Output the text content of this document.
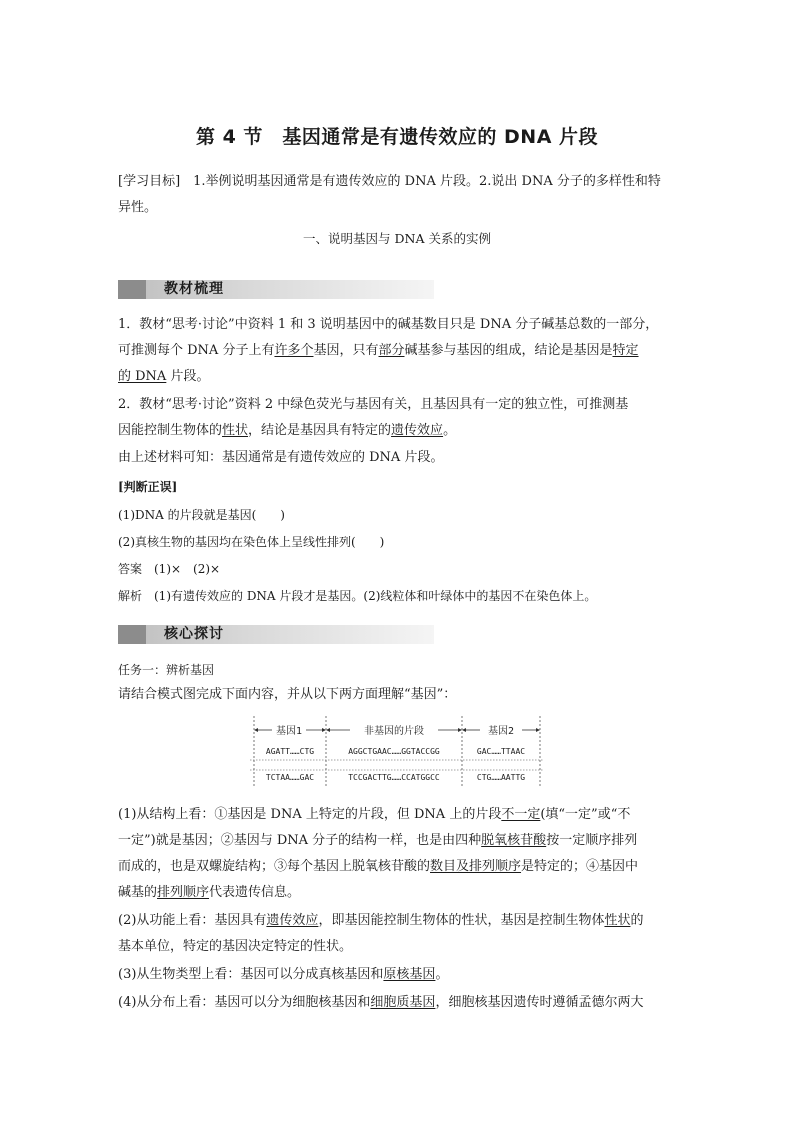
第 4 节　基因通常是有遗传效应的 DNA 片段
[学习目标]　1.举例说明基因通常是有遗传效应的 DNA 片段。2.说出 DNA 分子的多样性和特
异性。
一、说明基因与 DNA 关系的实例
教材梳理
1．教材“思考·讨论”中资料 1 和 3 说明基因中的碱基数目只是 DNA 分子碱基总数的一部分，
可推测每个 DNA 分子上有许多个基因，只有部分碱基参与基因的组成，结论是基因是特定
的 DNA 片段。
2．教材“思考·讨论”资料 2 中绿色荧光与基因有关，且基因具有一定的独立性，可推测基
因能控制生物体的性状，结论是基因具有特定的遗传效应。
由上述材料可知：基因通常是有遗传效应的 DNA 片段。
[判断正误]
(1)DNA 的片段就是基因(　　)
(2)真核生物的基因均在染色体上呈线性排列(　　)
答案　(1)×　(2)×
解析　(1)有遗传效应的 DNA 片段才是基因。(2)线粒体和叶绿体中的基因不在染色体上。
核心探讨
任务一：辨析基因
请结合模式图完成下面内容，并从以下两方面理解“基因”：
基因1	非基因的片段	基因2
AGATT……CTG	AGGCTGAAC……GGTACCGG	GAC……TTAAC
TCTAA……GAC	TCCGACTTG……CCATGGCC	CTG……AATTG
(1)从结构上看：①基因是 DNA 上特定的片段，但 DNA 上的片段不一定(填“一定”或“不
一定”)就是基因；②基因与 DNA 分子的结构一样，也是由四种脱氧核苷酸按一定顺序排列
而成的，也是双螺旋结构；③每个基因上脱氧核苷酸的数目及排列顺序是特定的；④基因中
碱基的排列顺序代表遗传信息。
(2)从功能上看：基因具有遗传效应，即基因能控制生物体的性状，基因是控制生物体性状的
基本单位，特定的基因决定特定的性状。
(3)从生物类型上看：基因可以分成真核基因和原核基因。
(4)从分布上看：基因可以分为细胞核基因和细胞质基因，细胞核基因遗传时遵循孟德尔两大
